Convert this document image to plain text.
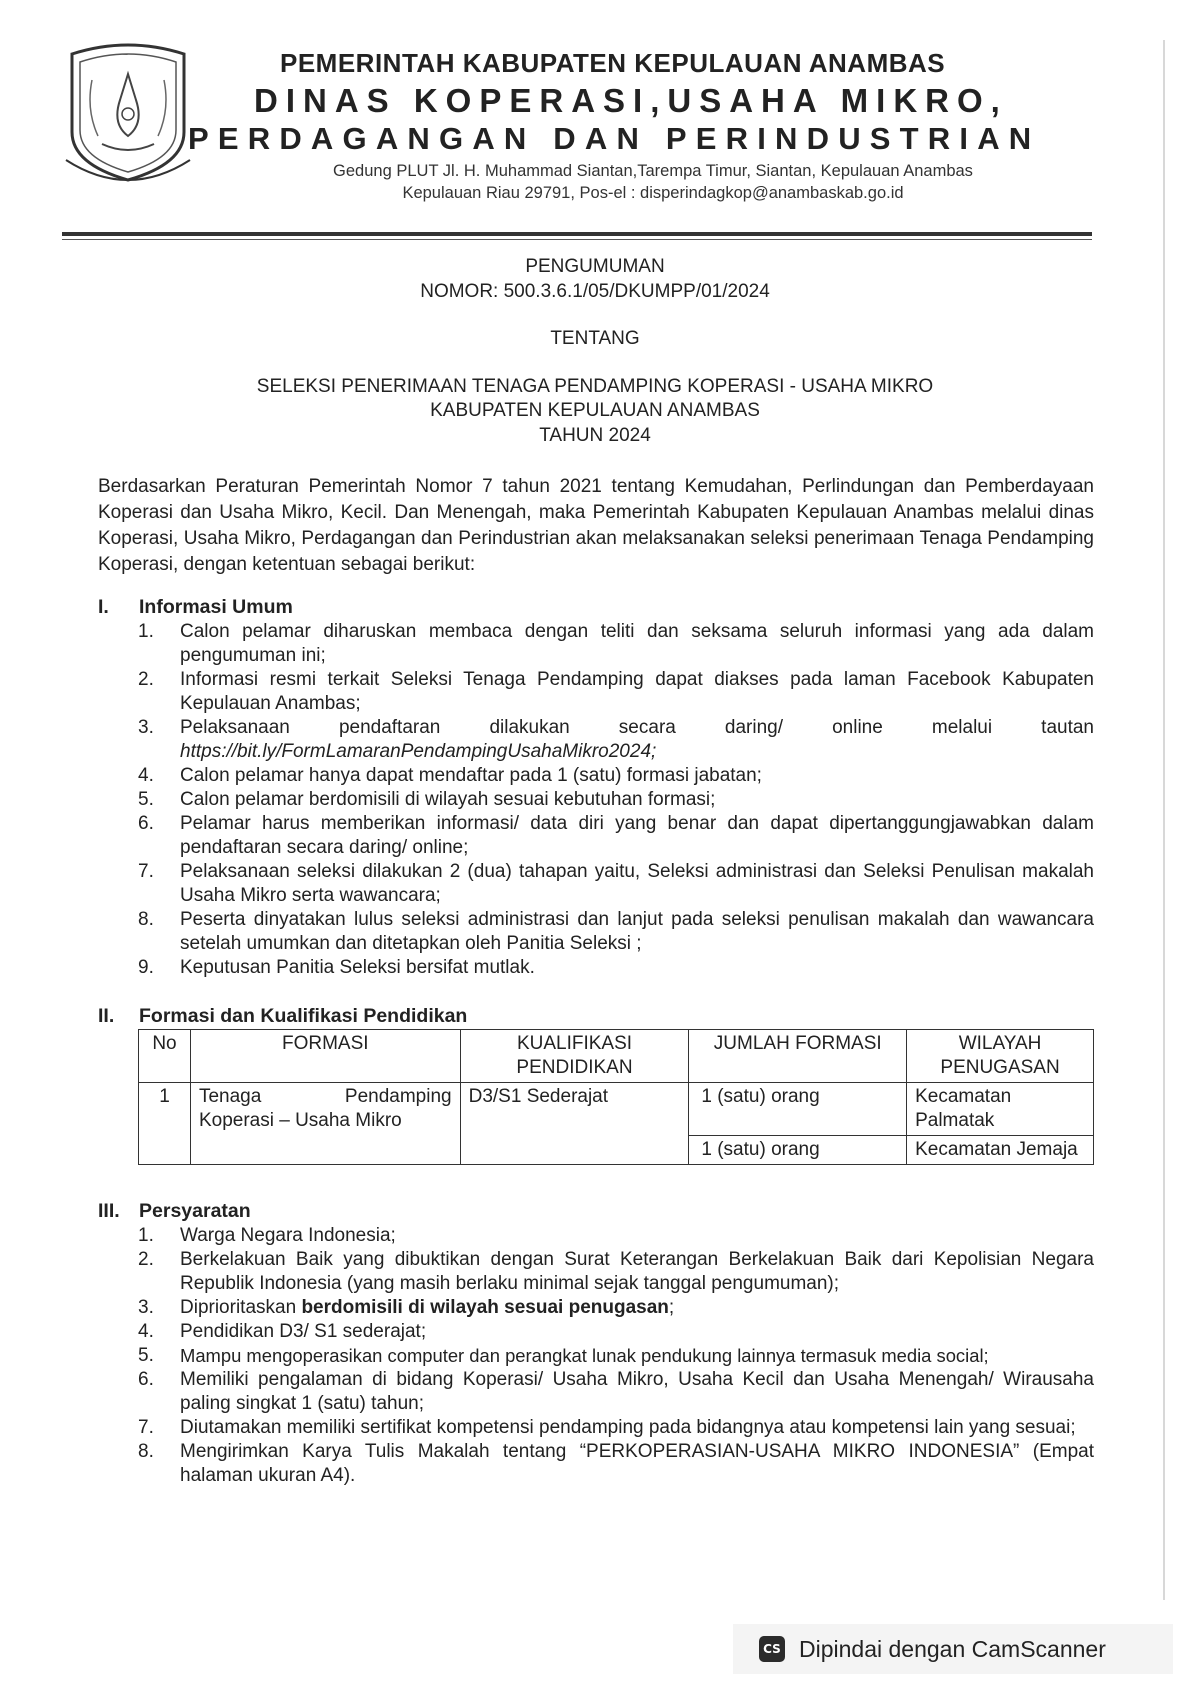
PEMERINTAH KABUPATEN KEPULAUAN ANAMBAS
DINAS KOPERASI,USAHA MIKRO,
PERDAGANGAN DAN PERINDUSTRIAN
Gedung PLUT Jl. H. Muhammad Siantan,Tarempa Timur, Siantan, Kepulauan Anambas
Kepulauan Riau 29791, Pos-el : disperindagkop@anambaskab.go.id
PENGUMUMAN
NOMOR: 500.3.6.1/05/DKUMPP/01/2024
TENTANG
SELEKSI PENERIMAAN TENAGA PENDAMPING KOPERASI - USAHA MIKRO
KABUPATEN KEPULAUAN ANAMBAS
TAHUN 2024
Berdasarkan Peraturan Pemerintah Nomor 7 tahun 2021 tentang Kemudahan, Perlindungan dan Pemberdayaan Koperasi dan Usaha Mikro, Kecil. Dan Menengah, maka Pemerintah Kabupaten Kepulauan Anambas melalui dinas Koperasi, Usaha Mikro, Perdagangan dan Perindustrian akan melaksanakan seleksi penerimaan Tenaga Pendamping Koperasi, dengan ketentuan sebagai berikut:
I. Informasi Umum
1. Calon pelamar diharuskan membaca dengan teliti dan seksama seluruh informasi yang ada dalam pengumuman ini;
2. Informasi resmi terkait Seleksi Tenaga Pendamping dapat diakses pada laman Facebook Kabupaten Kepulauan Anambas;
3. Pelaksanaan pendaftaran dilakukan secara daring/ online melalui tautan
https://bit.ly/FormLamaranPendampingUsahaMikro2024;
4. Calon pelamar hanya dapat mendaftar pada 1 (satu) formasi jabatan;
5. Calon pelamar berdomisili di wilayah sesuai kebutuhan formasi;
6. Pelamar harus memberikan informasi/ data diri yang benar dan dapat dipertanggungjawabkan dalam pendaftaran secara daring/ online;
7. Pelaksanaan seleksi dilakukan 2 (dua) tahapan yaitu, Seleksi administrasi dan Seleksi Penulisan makalah Usaha Mikro serta wawancara;
8. Peserta dinyatakan lulus seleksi administrasi dan lanjut pada seleksi penulisan makalah dan wawancara setelah umumkan dan ditetapkan oleh Panitia Seleksi ;
9. Keputusan Panitia Seleksi bersifat mutlak.
II. Formasi dan Kualifikasi Pendidikan
No	FORMASI	KUALIFIKASI PENDIDIKAN	JUMLAH FORMASI	WILAYAH PENUGASAN
1	Tenaga Pendamping Koperasi – Usaha Mikro	D3/S1 Sederajat	1 (satu) orang	Kecamatan Palmatak
			1 (satu) orang	Kecamatan Jemaja
III. Persyaratan
1. Warga Negara Indonesia;
2. Berkelakuan Baik yang dibuktikan dengan Surat Keterangan Berkelakuan Baik dari Kepolisian Negara Republik Indonesia (yang masih berlaku minimal sejak tanggal pengumuman);
3. Diprioritaskan berdomisili di wilayah sesuai penugasan;
4. Pendidikan D3/ S1 sederajat;
5. Mampu mengoperasikan computer dan perangkat lunak pendukung lainnya termasuk media social;
6. Memiliki pengalaman di bidang Koperasi/ Usaha Mikro, Usaha Kecil dan Usaha Menengah/ Wirausaha paling singkat 1 (satu) tahun;
7. Diutamakan memiliki sertifikat kompetensi pendamping pada bidangnya atau kompetensi lain yang sesuai;
8. Mengirimkan Karya Tulis Makalah tentang “PERKOPERASIAN-USAHA MIKRO INDONESIA” (Empat halaman ukuran A4).
CS Dipindai dengan CamScanner
